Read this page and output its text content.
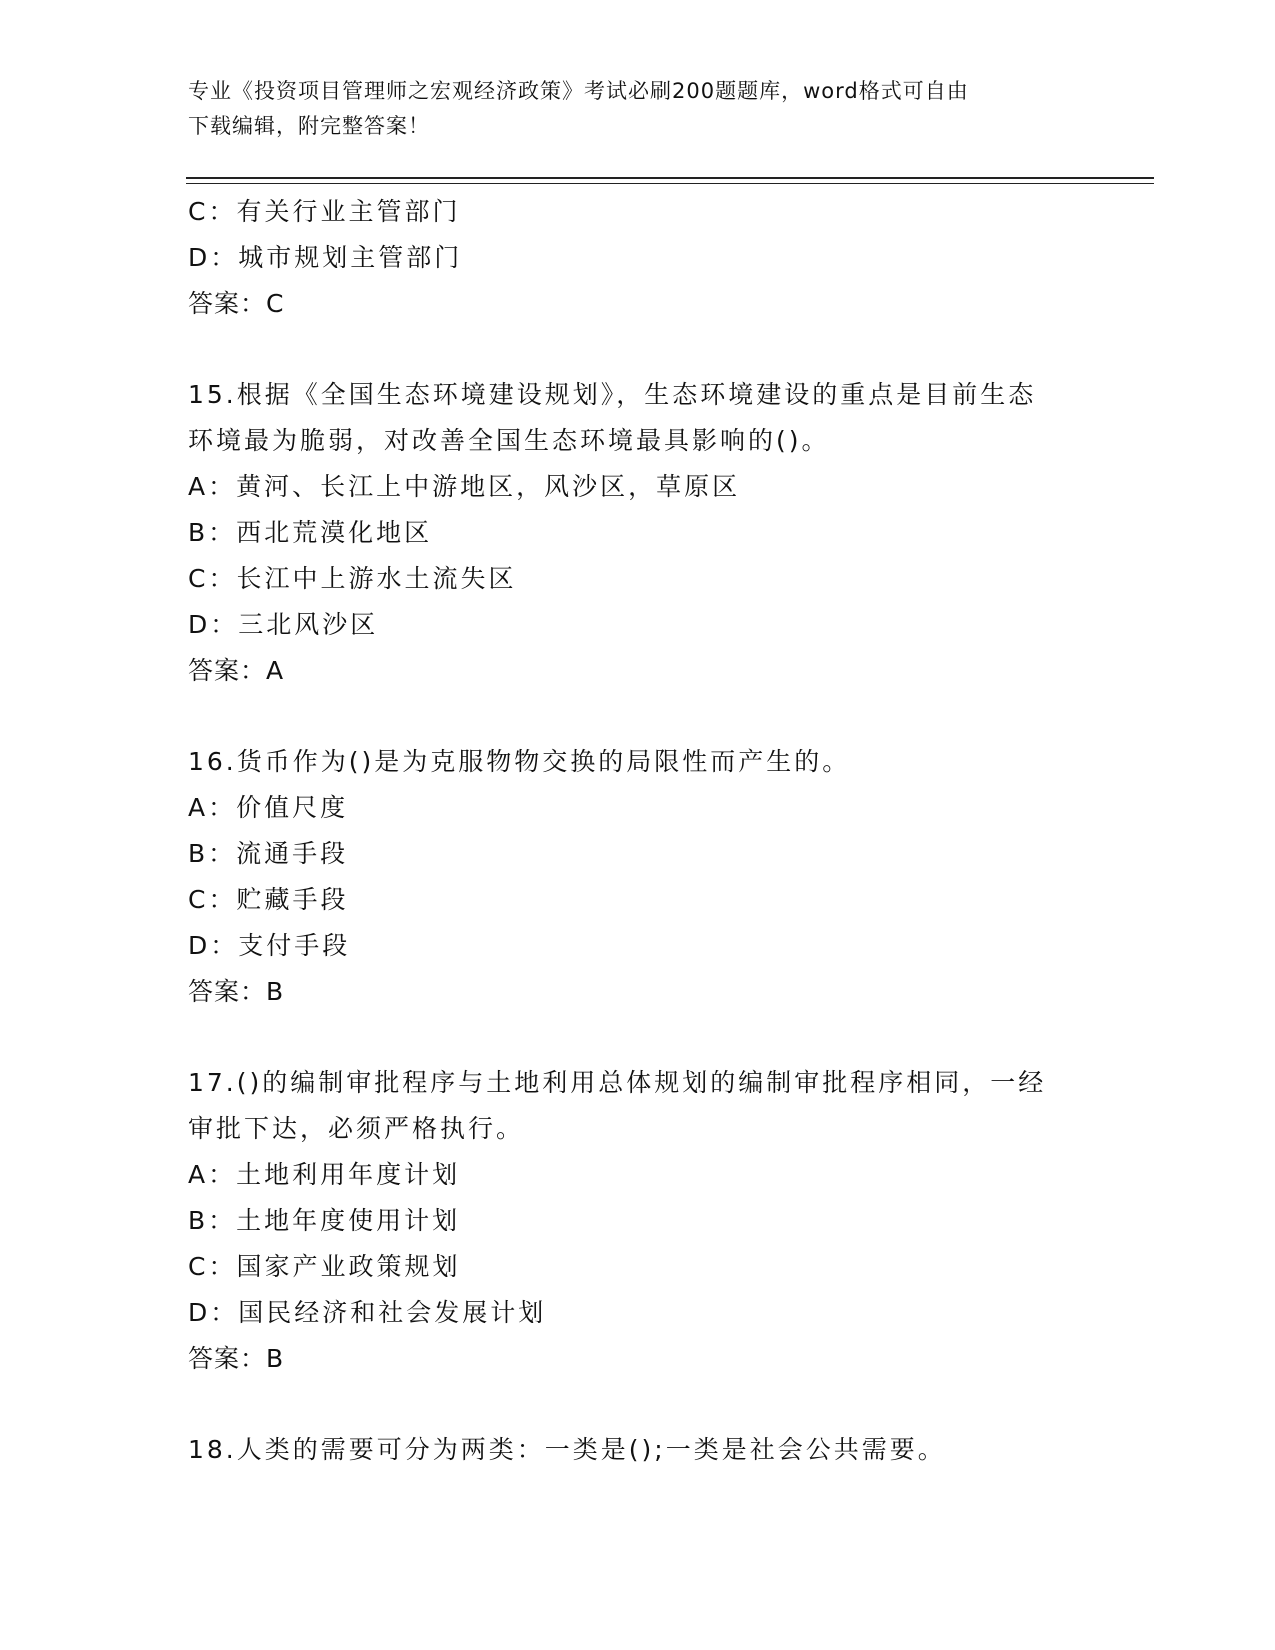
专业《投资项目管理师之宏观经济政策》考试必刷200题题库，word格式可自由
下载编辑，附完整答案！
C：有关行业主管部门
D：城市规划主管部门
答案：C
15.根据《全国生态环境建设规划》，生态环境建设的重点是目前生态
环境最为脆弱，对改善全国生态环境最具影响的()。
A：黄河、长江上中游地区，风沙区，草原区
B：西北荒漠化地区
C：长江中上游水土流失区
D：三北风沙区
答案：A
16.货币作为()是为克服物物交换的局限性而产生的。
A：价值尺度
B：流通手段
C：贮藏手段
D：支付手段
答案：B
17.()的编制审批程序与土地利用总体规划的编制审批程序相同，一经
审批下达，必须严格执行。
A：土地利用年度计划
B：土地年度使用计划
C：国家产业政策规划
D：国民经济和社会发展计划
答案：B
18.人类的需要可分为两类：一类是();一类是社会公共需要。
